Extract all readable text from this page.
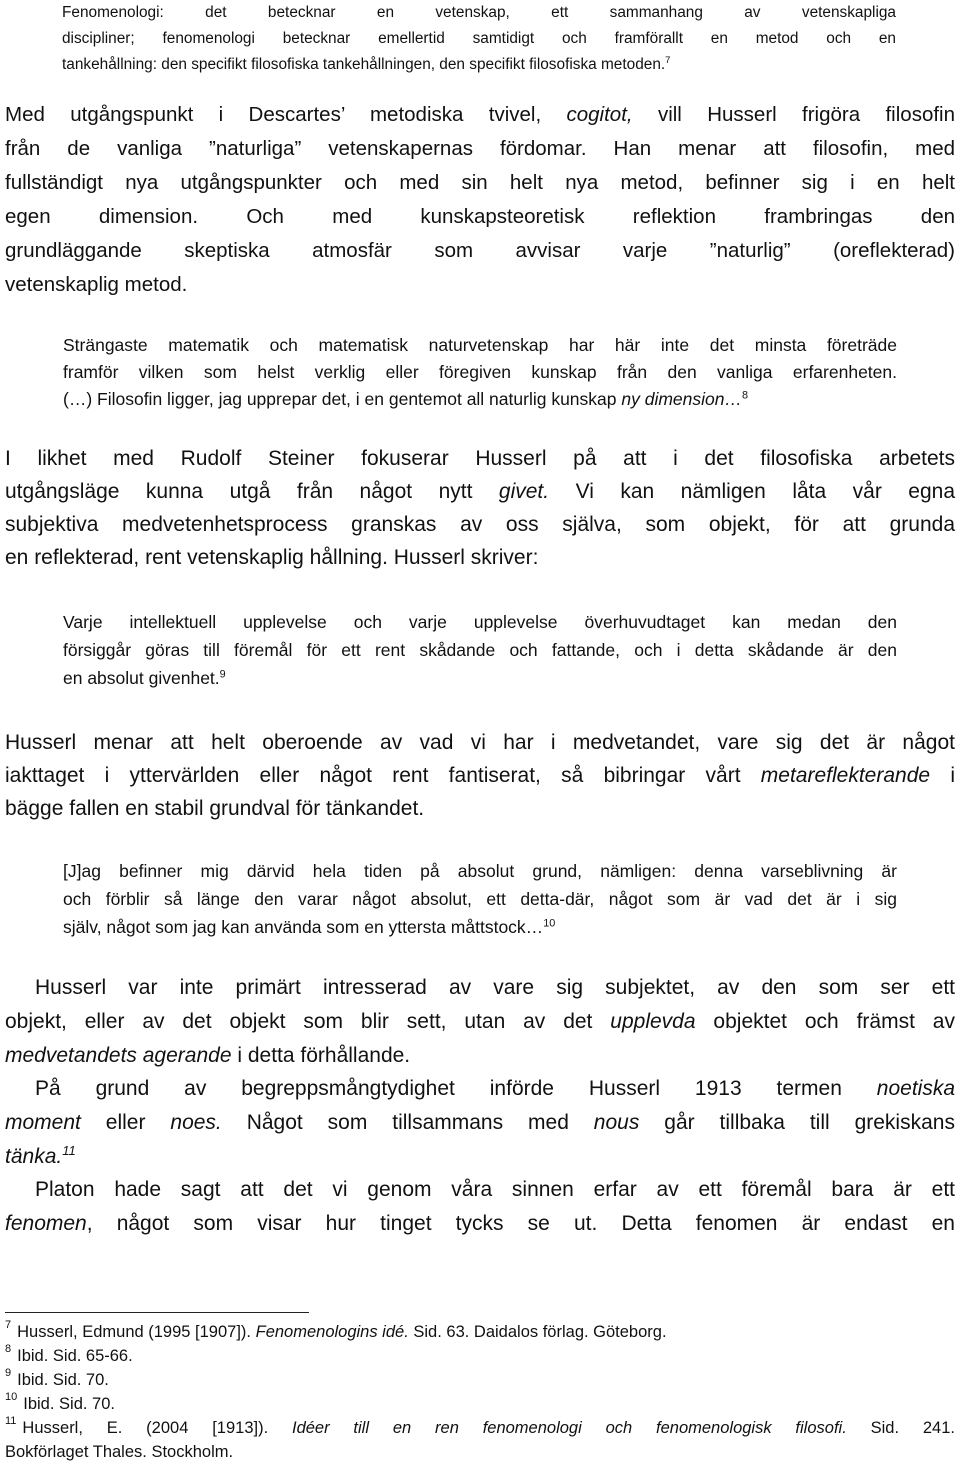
Fenomenologi: det betecknar en vetenskap, ett sammanhang av vetenskapliga
discipliner; fenomenologi betecknar emellertid samtidigt och framförallt en metod och en
tankehållning: den specifikt filosofiska tankehållningen, den specifikt filosofiska metoden.$^7$
Med utgångspunkt i Descartes’ metodiska tvivel, cogitot, vill Husserl frigöra filosofin
från de vanliga ”naturliga” vetenskapernas fördomar. Han menar att filosofin, med
fullständigt nya utgångspunkter och med sin helt nya metod, befinner sig i en helt
egen dimension. Och med kunskapsteoretisk reflektion frambringas den
grundläggande skeptiska atmosfär som avvisar varje ”naturlig” (oreflekterad)
vetenskaplig metod.
Strängaste matematik och matematisk naturvetenskap har här inte det minsta företräde
framför vilken som helst verklig eller föregiven kunskap från den vanliga erfarenheten.
(…) Filosofin ligger, jag upprepar det, i en gentemot all naturlig kunskap ny dimension…$^8$
I likhet med Rudolf Steiner fokuserar Husserl på att i det filosofiska arbetets
utgångsläge kunna utgå från något nytt givet. Vi kan nämligen låta vår egna
subjektiva medvetenhetsprocess granskas av oss själva, som objekt, för att grunda
en reflekterad, rent vetenskaplig hållning. Husserl skriver:
Varje intellektuell upplevelse och varje upplevelse överhuvudtaget kan medan den
försiggår göras till föremål för ett rent skådande och fattande, och i detta skådande är den
en absolut givenhet.$^9$
Husserl menar att helt oberoende av vad vi har i medvetandet, vare sig det är något
iakttaget i yttervärlden eller något rent fantiserat, så bibringar vårt metareflekterande i
bägge fallen en stabil grundval för tänkandet.
[J]ag befinner mig därvid hela tiden på absolut grund, nämligen: denna varseblivning är
och förblir så länge den varar något absolut, ett detta-där, något som är vad det är i sig
själv, något som jag kan använda som en yttersta måttstock…$^{10}$
Husserl var inte primärt intresserad av vare sig subjektet, av den som ser ett
objekt, eller av det objekt som blir sett, utan av det upplevda objektet och främst av
medvetandets agerande i detta förhållande.
På grund av begreppsmångtydighet införde Husserl 1913 termen noetiska
moment eller noes. Något som tillsammans med nous går tillbaka till grekiskans
tänka.$^{11}$
Platon hade sagt att det vi genom våra sinnen erfar av ett föremål bara är ett
fenomen, något som visar hur tinget tycks se ut. Detta fenomen är endast en
$^7$ Husserl, Edmund (1995 [1907]). Fenomenologins idé. Sid. 63. Daidalos förlag. Göteborg.
$^8$ Ibid. Sid. 65-66.
$^9$ Ibid. Sid. 70.
$^{10}$ Ibid. Sid. 70.
$^{11}$ Husserl, E. (2004 [1913]). Idéer till en ren fenomenologi och fenomenologisk filosofi. Sid. 241.
Bokförlaget Thales. Stockholm.
